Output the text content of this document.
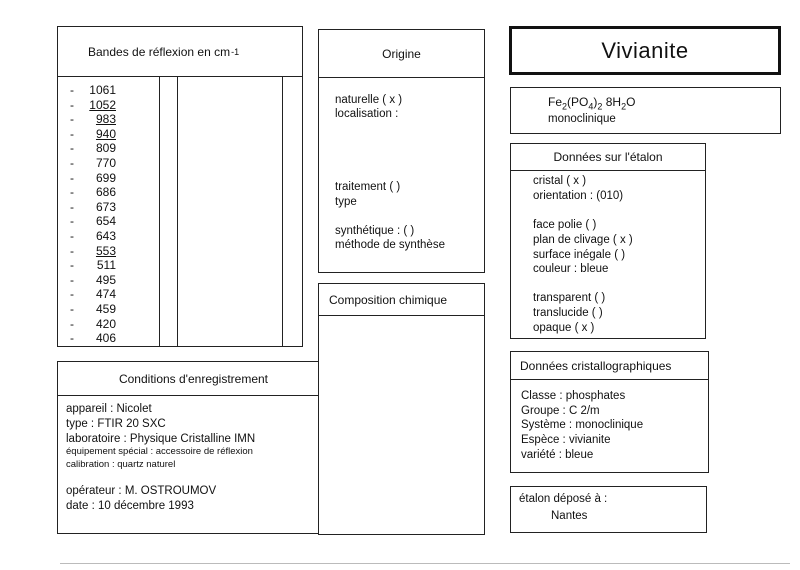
Bandes de réflexion en cm -1
-	1061
-	1052
-	983
-	940
-	809
-	770
-	699
-	686
-	673
-	654
-	643
-	553
-	511
-	495
-	474
-	459
-	420
-	406
Conditions d'enregistrement
appareil : Nicolet
type : FTIR 20 SXC
laboratoire : Physique Cristalline IMN
équipement spécial : accessoire de réflexion
calibration : quartz naturel
opérateur : M. OSTROUMOV
date : 10 décembre 1993
Origine
naturelle ( x )
localisation :
traitement ( )
type
synthétique : ( )
méthode de synthèse
Composition chimique
Vivianite
$Fe_2(PO_4)_2$ $8H_2O$
monoclinique
Données sur l'étalon
cristal ( x )
orientation : (010)
face polie ( )
plan de clivage ( x )
surface inégale ( )
couleur : bleue
transparent ( )
translucide ( )
opaque ( x )
Données cristallographiques
Classe : phosphates
Groupe : C 2/m
Système : monoclinique
Espèce : vivianite
variété : bleue
étalon déposé à :
Nantes
